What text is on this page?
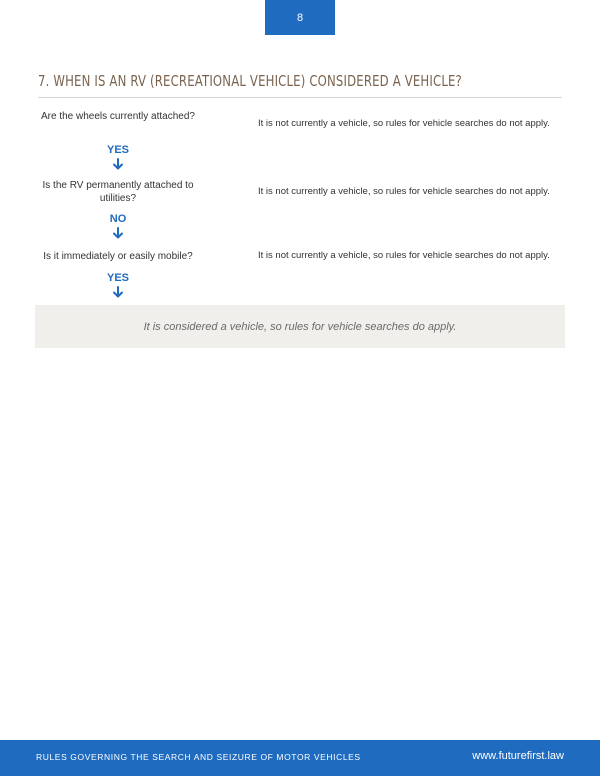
8
7. WHEN IS AN RV (RECREATIONAL VEHICLE) CONSIDERED A VEHICLE?
Are the wheels currently attached?
It is not currently a vehicle, so rules for vehicle searches do not apply.
YES
Is the RV permanently attached to utilities?
It is not currently a vehicle, so rules for vehicle searches do not apply.
NO
Is it immediately or easily mobile?	It is not currently a vehicle, so rules for vehicle searches do not apply.
YES
It is considered a vehicle, so rules for vehicle searches do apply.
RULES GOVERNING THE SEARCH AND SEIZURE OF MOTOR VEHICLES	www.futurefirst.law
